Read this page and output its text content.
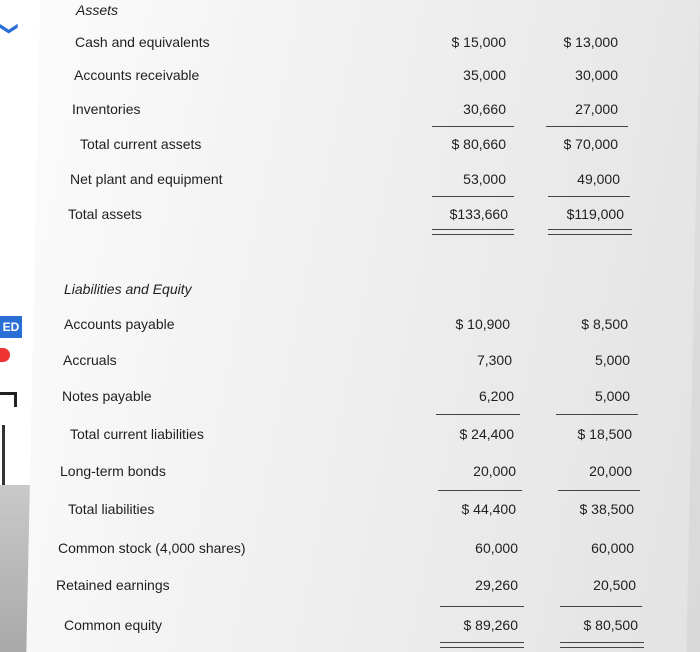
❯
ED
Assets
Cash and equivalents	$ 15,000	$ 13,000
Accounts receivable	35,000	30,000
Inventories	30,660	27,000
Total current assets	$ 80,660	$ 70,000
Net plant and equipment	53,000	49,000
Total assets	$133,660	$119,000
Liabilities and Equity
Accounts payable	$ 10,900	$ 8,500
Accruals	7,300	5,000
Notes payable	6,200	5,000
Total current liabilities	$ 24,400	$ 18,500
Long-term bonds	20,000	20,000
Total liabilities	$ 44,400	$ 38,500
Common stock (4,000 shares)	60,000	60,000
Retained earnings	29,260	20,500
Common equity	$ 89,260	$ 80,500
